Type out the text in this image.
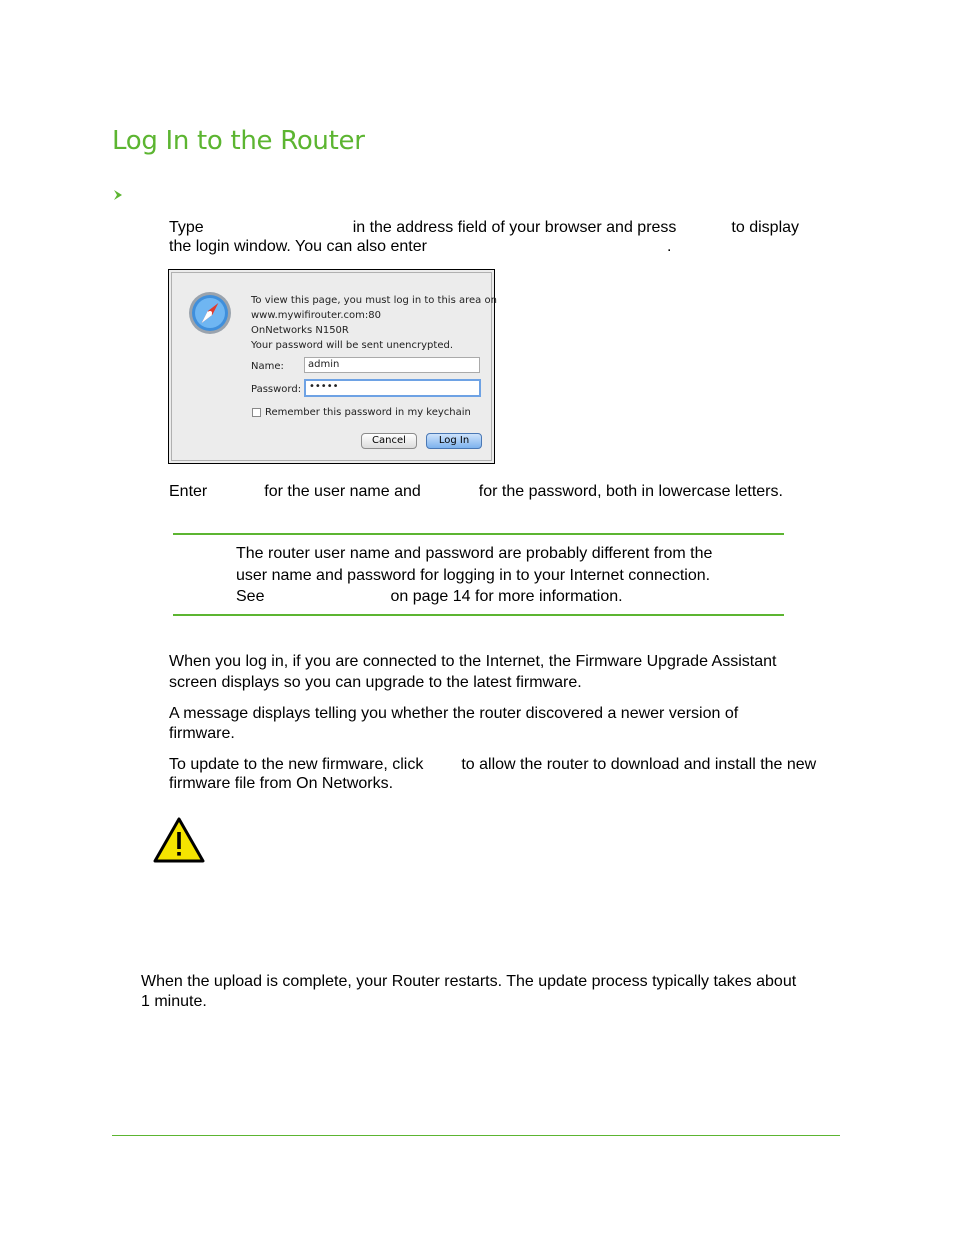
Log In to the Router
Type	in the address field of your browser and press	to display
the login window. You can also enter	.
To view this page, you must log in to this area on
www.mywifirouter.com:80
OnNetworks N150R
Your password will be sent unencrypted.
Name:	admin
Password: •••••
Remember this password in my keychain
Cancel	Log In
Enter	for the user name and	for the password, both in lowercase letters.
The router user name and password are probably different from the
user name and password for logging in to your Internet connection.
See	on page 14 for more information.
When you log in, if you are connected to the Internet, the Firmware Upgrade Assistant
screen displays so you can upgrade to the latest firmware.
A message displays telling you whether the router discovered a newer version of
firmware.
To update to the new firmware, click to allow the router to download and install the new
firmware file from On Networks.
When the upload is complete, your Router restarts. The update process typically takes about
1 minute.
